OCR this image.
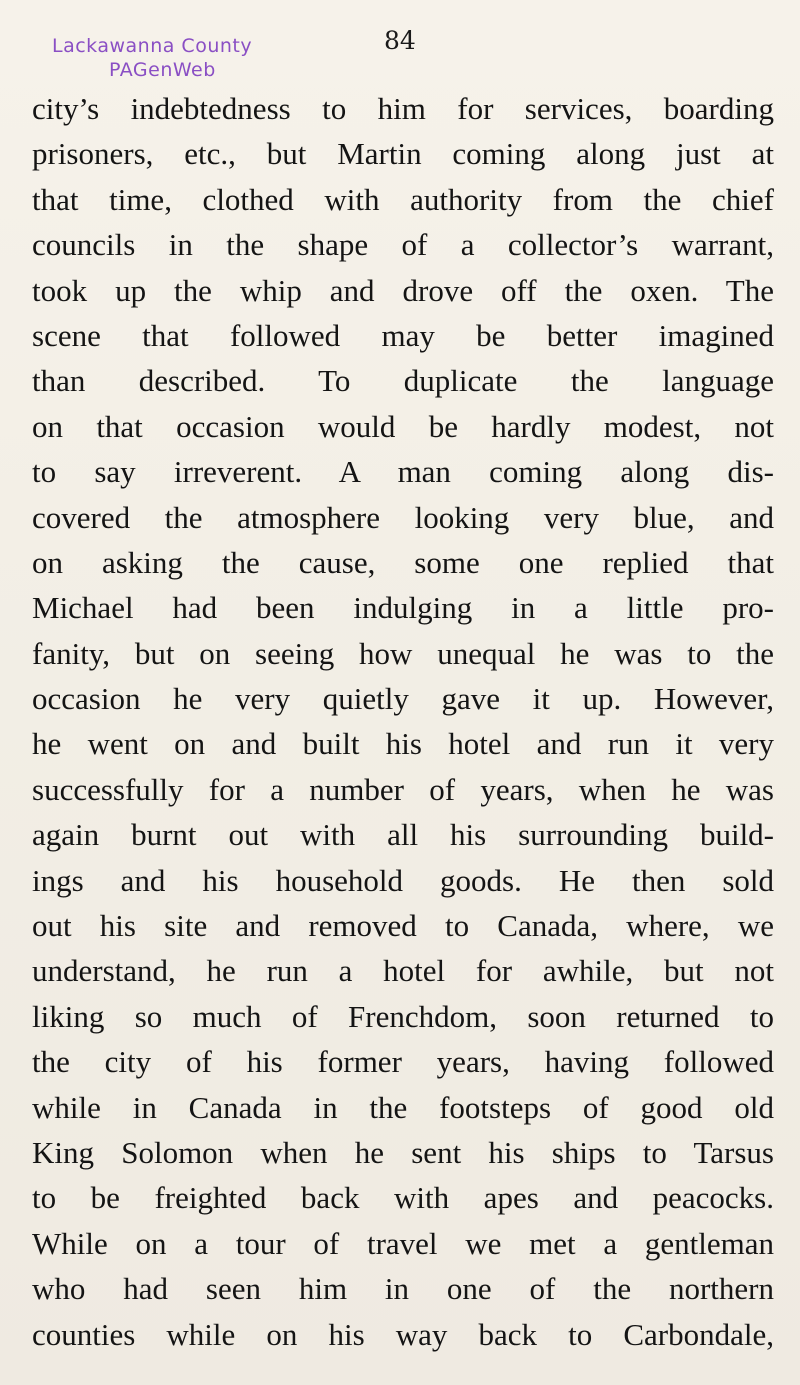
Lackawanna County
PAGenWeb
84
city’s indebtedness to him for services, boarding
prisoners, etc., but Martin coming along just at
that time, clothed with authority from the chief
councils in the shape of a collector’s warrant,
took up the whip and drove off the oxen. The
scene that followed may be better imagined
than described. To duplicate the language
on that occasion would be hardly modest, not
to say irreverent. A man coming along dis-
covered the atmosphere looking very blue, and
on asking the cause, some one replied that
Michael had been indulging in a little pro-
fanity, but on seeing how unequal he was to the
occasion he very quietly gave it up. However,
he went on and built his hotel and run it very
successfully for a number of years, when he was
again burnt out with all his surrounding build-
ings and his household goods. He then sold
out his site and removed to Canada, where, we
understand, he run a hotel for awhile, but not
liking so much of Frenchdom, soon returned to
the city of his former years, having followed
while in Canada in the footsteps of good old
King Solomon when he sent his ships to Tarsus
to be freighted back with apes and peacocks.
While on a tour of travel we met a gentleman
who had seen him in one of the northern
counties while on his way back to Carbondale,
